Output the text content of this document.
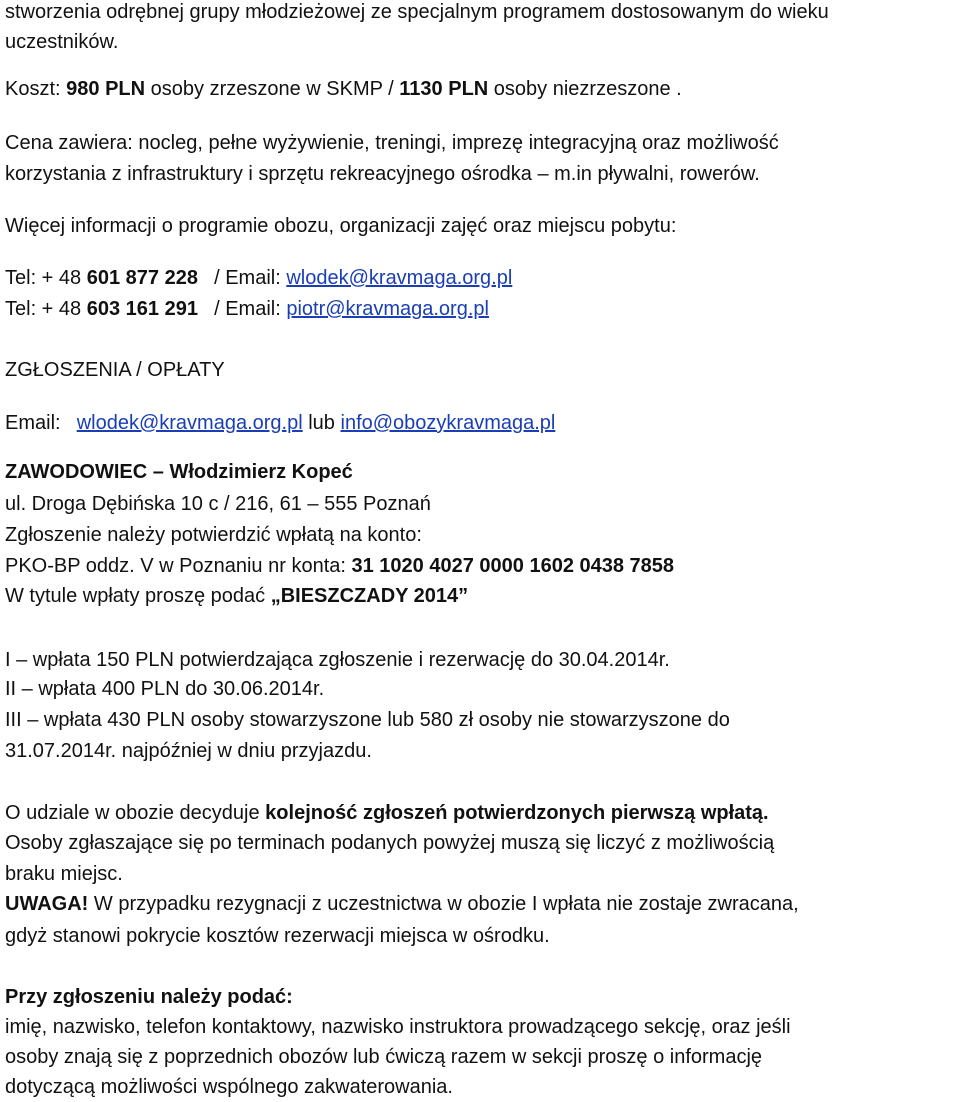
stworzenia odrębnej grupy młodzieżowej ze specjalnym programem dostosowanym do wieku
uczestników.
Koszt: 980 PLN osoby zrzeszone w SKMP / 1130 PLN osoby niezrzeszone .
Cena zawiera: nocleg, pełne wyżywienie, treningi, imprezę integracyjną oraz możliwość
korzystania z infrastruktury i sprzętu rekreacyjnego ośrodka – m.in pływalni, rowerów.
Więcej informacji o programie obozu, organizacji zajęć oraz miejscu pobytu:
Tel: + 48 601 877 228 / Email: wlodek@kravmaga.org.pl
Tel: + 48 603 161 291 / Email: piotr@kravmaga.org.pl
ZGŁOSZENIA / OPŁATY
Email: wlodek@kravmaga.org.pl lub info@obozykravmaga.pl
ZAWODOWIEC – Włodzimierz Kopeć
ul. Droga Dębińska 10 c / 216, 61 – 555 Poznań
Zgłoszenie należy potwierdzić wpłatą na konto:
PKO-BP oddz. V w Poznaniu nr konta: 31 1020 4027 0000 1602 0438 7858
W tytule wpłaty proszę podać „BIESZCZADY 2014”
I – wpłata 150 PLN potwierdzająca zgłoszenie i rezerwację do 30.04.2014r.
II – wpłata 400 PLN do 30.06.2014r.
III – wpłata 430 PLN osoby stowarzyszone lub 580 zł osoby nie stowarzyszone do
31.07.2014r. najpóźniej w dniu przyjazdu.
O udziale w obozie decyduje kolejność zgłoszeń potwierdzonych pierwszą wpłatą.
Osoby zgłaszające się po terminach podanych powyżej muszą się liczyć z możliwością
braku miejsc.
UWAGA! W przypadku rezygnacji z uczestnictwa w obozie I wpłata nie zostaje zwracana,
gdyż stanowi pokrycie kosztów rezerwacji miejsca w ośrodku.
Przy zgłoszeniu należy podać:
imię, nazwisko, telefon kontaktowy, nazwisko instruktora prowadzącego sekcję, oraz jeśli
osoby znają się z poprzednich obozów lub ćwiczą razem w sekcji proszę o informację
dotyczącą możliwości wspólnego zakwaterowania.
